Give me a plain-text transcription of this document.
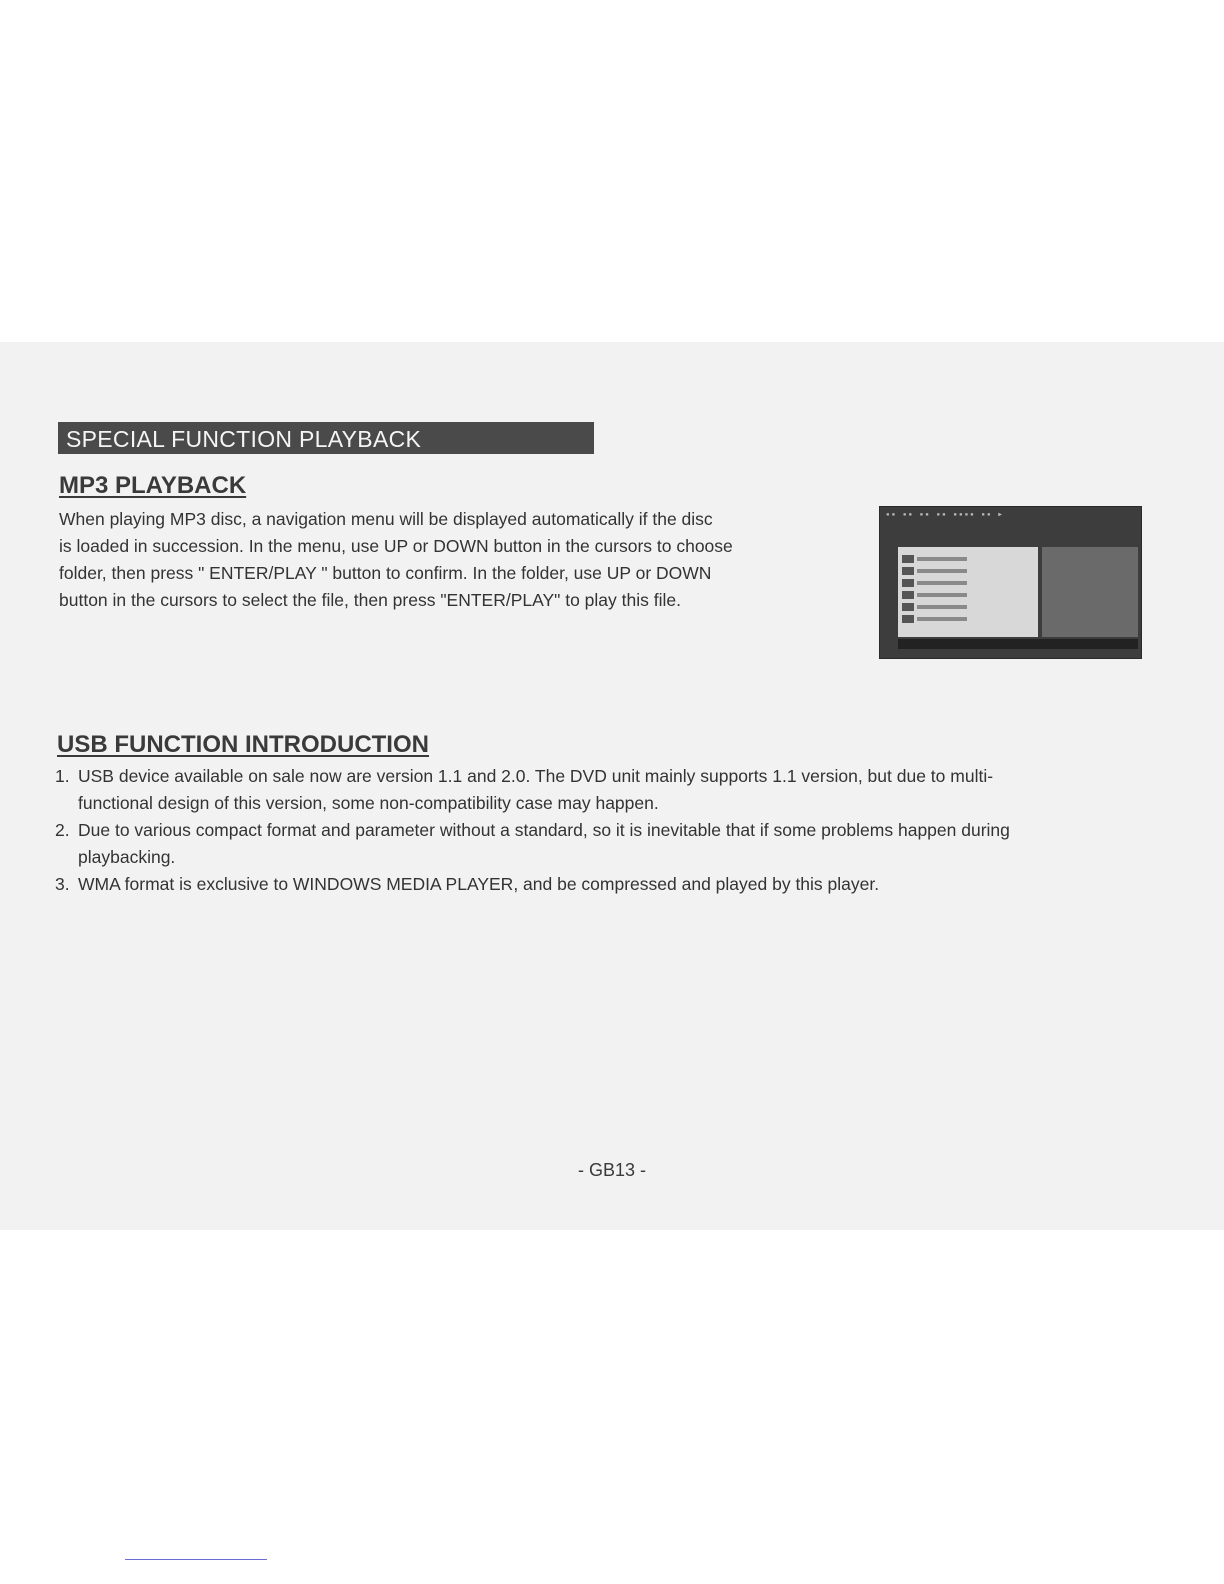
SPECIAL FUNCTION PLAYBACK
MP3 PLAYBACK

When playing MP3 disc, a navigation menu will be displayed automatically if the disc
is loaded in succession. In the menu, use UP or DOWN button in the cursors to choose
folder, then press " ENTER/PLAY " button to confirm. In the folder, use UP or DOWN
button in the cursors to select the file, then press "ENTER/PLAY" to play this file.

▪▪ ▪▪ ▪▪ ▪▪ ▪▪▪▪ ▪▪ ▶
USB FUNCTION INTRODUCTION
1. USB device available on sale now are version 1.1 and 2.0. The DVD unit mainly supports 1.1 version, but due to multi-
functional design of this version, some non-compatibility case may happen.
2. Due to various compact format and parameter without a standard, so it is inevitable that if some problems happen during
playbacking.
3. WMA format is exclusive to WINDOWS MEDIA PLAYER, and be compressed and played by this player.
- GB13 -
